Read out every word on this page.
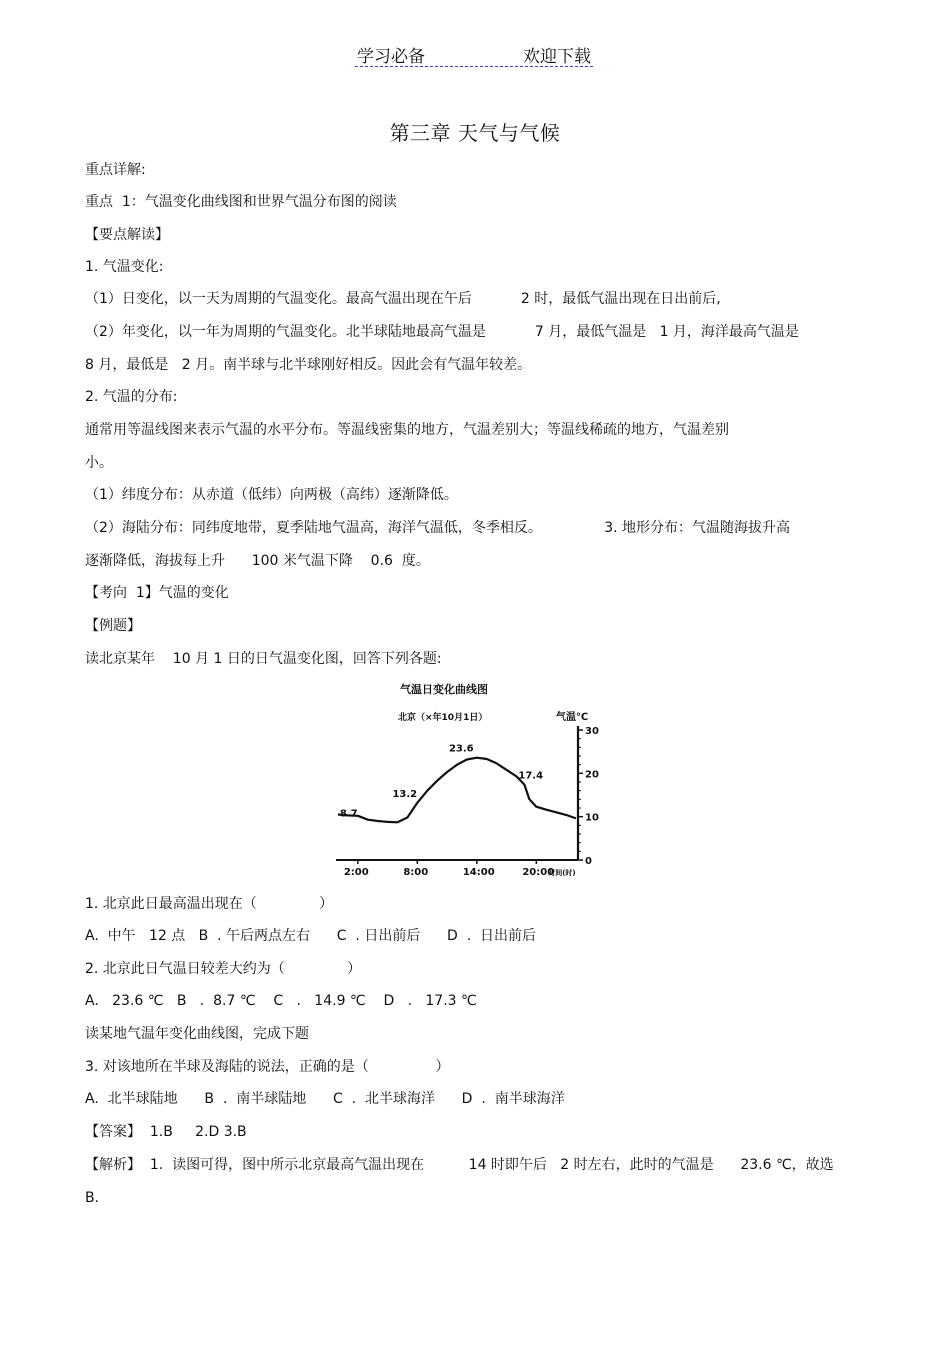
学习必备	欢迎下载
第三章 天气与气候
重点详解:
重点  1：气温变化曲线图和世界气温分布图的阅读
【要点解读】
1. 气温变化:
（1）日变化，以一天为周期的气温变化。最高气温出现在午后           2 时，最低气温出现在日出前后,
（2）年变化，以一年为周期的气温变化。北半球陆地最高气温是           7 月，最低气温是   1 月，海洋最高气温是
8 月，最低是   2 月。南半球与北半球刚好相反。因此会有气温年较差。
2. 气温的分布:
通常用等温线图来表示气温的水平分布。等温线密集的地方，气温差别大；等温线稀疏的地方，气温差别
小。
（1）纬度分布：从赤道（低纬）向两极（高纬）逐渐降低。
（2）海陆分布：同纬度地带，夏季陆地气温高，海洋气温低，冬季相反。              3. 地形分布：气温随海拔升高
逐渐降低，海拔每上升      100 米气温下降    0.6  度。
【考向  1】气温的变化
【例题】
读北京某年    10 月 1 日的日气温变化图，回答下列各题:
气温日变化曲线图
北京（×年10月1日）	气温℃
0
10
20
30
2:00	8:00	14:00	20:00
时间(时)
8.7
13.2
23.6
17.4
1. 北京此日最高温出现在（              ）
A.  中午   12 点   B  . 午后两点左右      C  . 日出前后      D  .  日出前后
2. 北京此日气温日较差大约为（              ）
A.   23.6 ℃   B   .  8.7 ℃    C   .   14.9 ℃    D   .   17.3 ℃
读某地气温年变化曲线图，完成下题
3. 对该地所在半球及海陆的说法，正确的是（               ）
A.  北半球陆地      B  .  南半球陆地      C  .  北半球海洋      D  .  南半球海洋
【答案】  1.B     2.D 3.B
【解析】  1.  读图可得，图中所示北京最高气温出现在          14 时即午后   2 时左右，此时的气温是      23.6 ℃，故选
B.
